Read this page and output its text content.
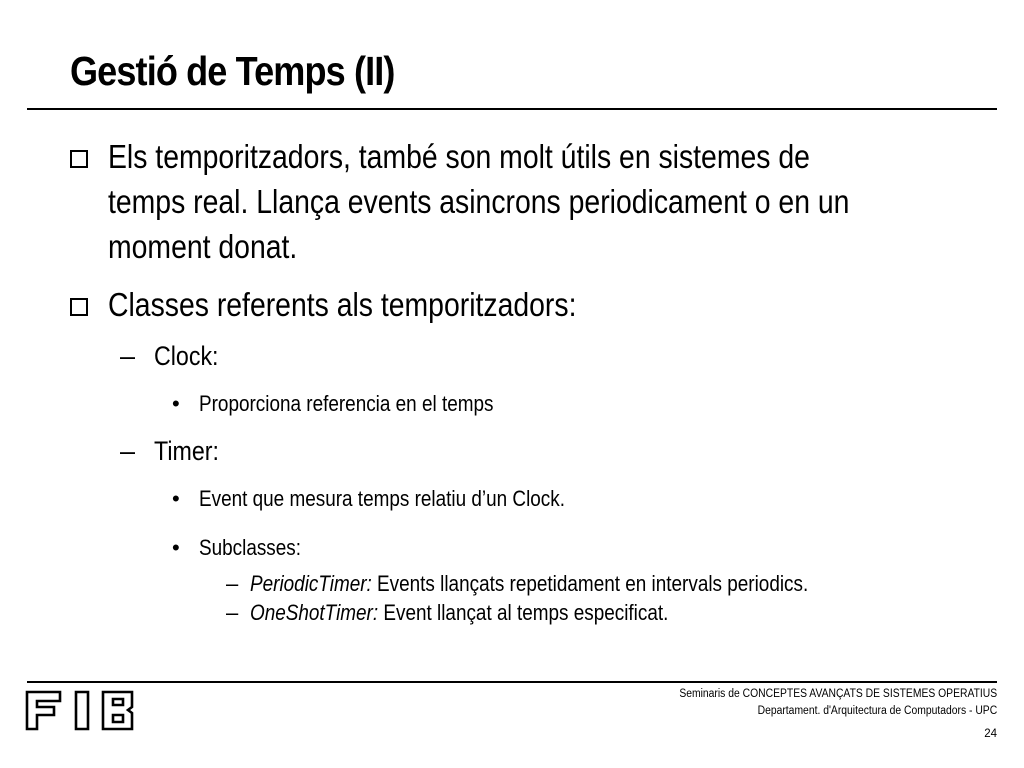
Gestió de Temps (II)
Els temporitzadors, també son molt útils en sistemes de
temps real. Llança events asincrons periodicament o en un
moment donat.
Classes referents als temporitzadors:
– Clock:
• Proporciona referencia en el temps
– Timer:
• Event que mesura temps relatiu d’un Clock.
• Subclasses:
– PeriodicTimer: Events llançats repetidament en intervals periodics.
– OneShotTimer: Event llançat al temps especificat.
Seminaris de CONCEPTES AVANÇATS DE SISTEMES OPERATIUS
Departament. d'Arquitectura de Computadors - UPC
24
